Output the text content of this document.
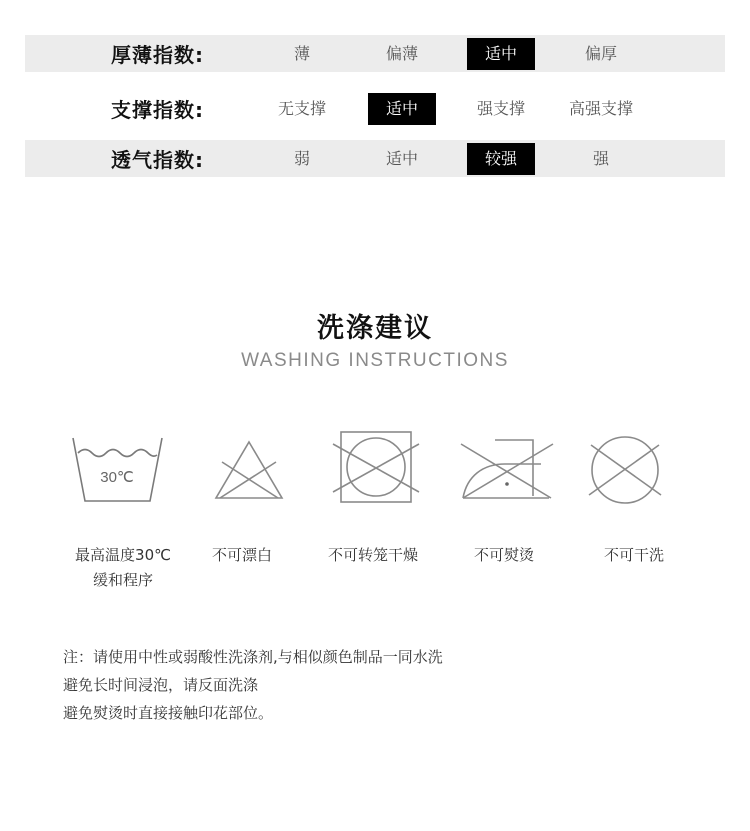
厚薄指数:	薄	偏薄	适中	偏厚
支撑指数:	无支撑	适中	强支撑	高强支撑
透气指数:	弱	适中	较强	强
洗涤建议
WASHING INSTRUCTIONS
30℃
最高温度30℃
缓和程序
不可漂白	不可转笼干燥	不可熨烫	不可干洗
注：请使用中性或弱酸性洗涤剂,与相似颜色制品一同水洗
避免长时间浸泡，请反面洗涤
避免熨烫时直接接触印花部位。
